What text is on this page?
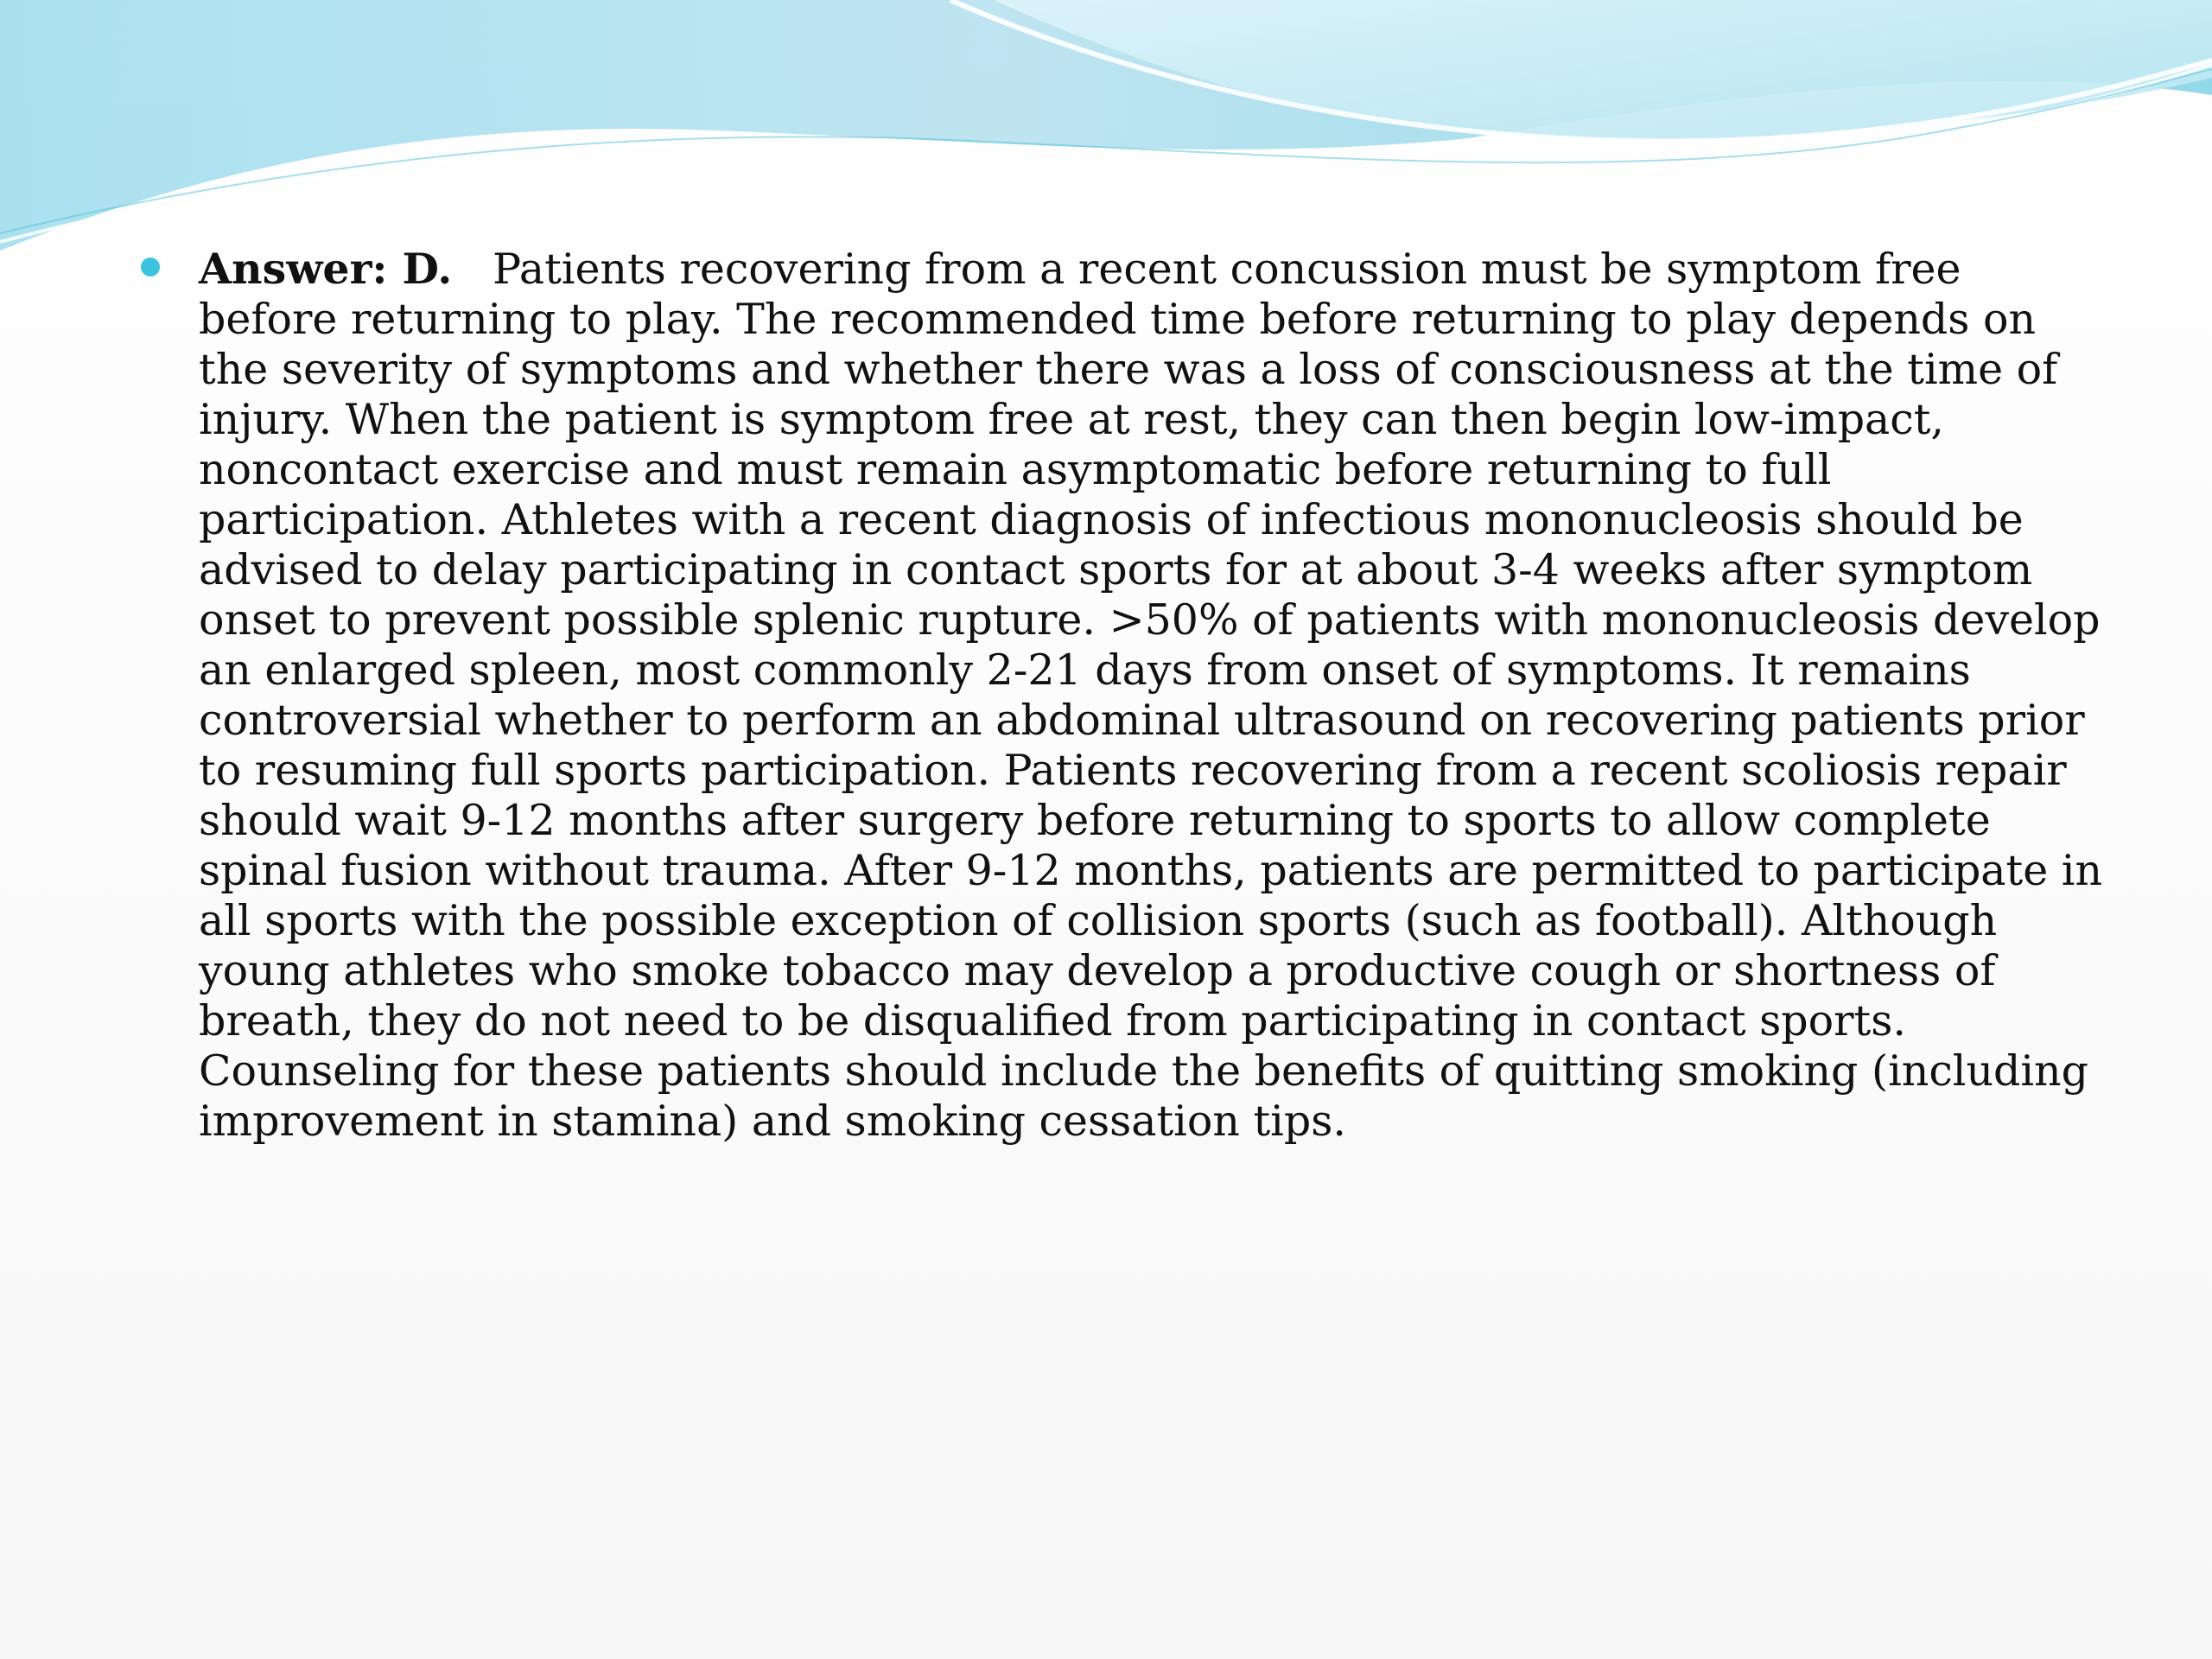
Answer: D. Patients recovering from a recent concussion must be symptom free before returning to play. The recommended time before returning to play depends on the severity of symptoms and whether there was a loss of consciousness at the time of injury. When the patient is symptom free at rest, they can then begin low-impact, noncontact exercise and must remain asymptomatic before returning to full participation. Athletes with a recent diagnosis of infectious mononucleosis should be advised to delay participating in contact sports for at about 3-4 weeks after symptom onset to prevent possible splenic rupture. >50% of patients with mononucleosis develop an enlarged spleen, most commonly 2-21 days from onset of symptoms. It remains controversial whether to perform an abdominal ultrasound on recovering patients prior to resuming full sports participation. Patients recovering from a recent scoliosis repair should wait 9-12 months after surgery before returning to sports to allow complete spinal fusion without trauma. After 9-12 months, patients are permitted to participate in all sports with the possible exception of collision sports (such as football). Although young athletes who smoke tobacco may develop a productive cough or shortness of breath, they do not need to be disqualified from participating in contact sports. Counseling for these patients should include the benefits of quitting smoking (including improvement in stamina) and smoking cessation tips.
